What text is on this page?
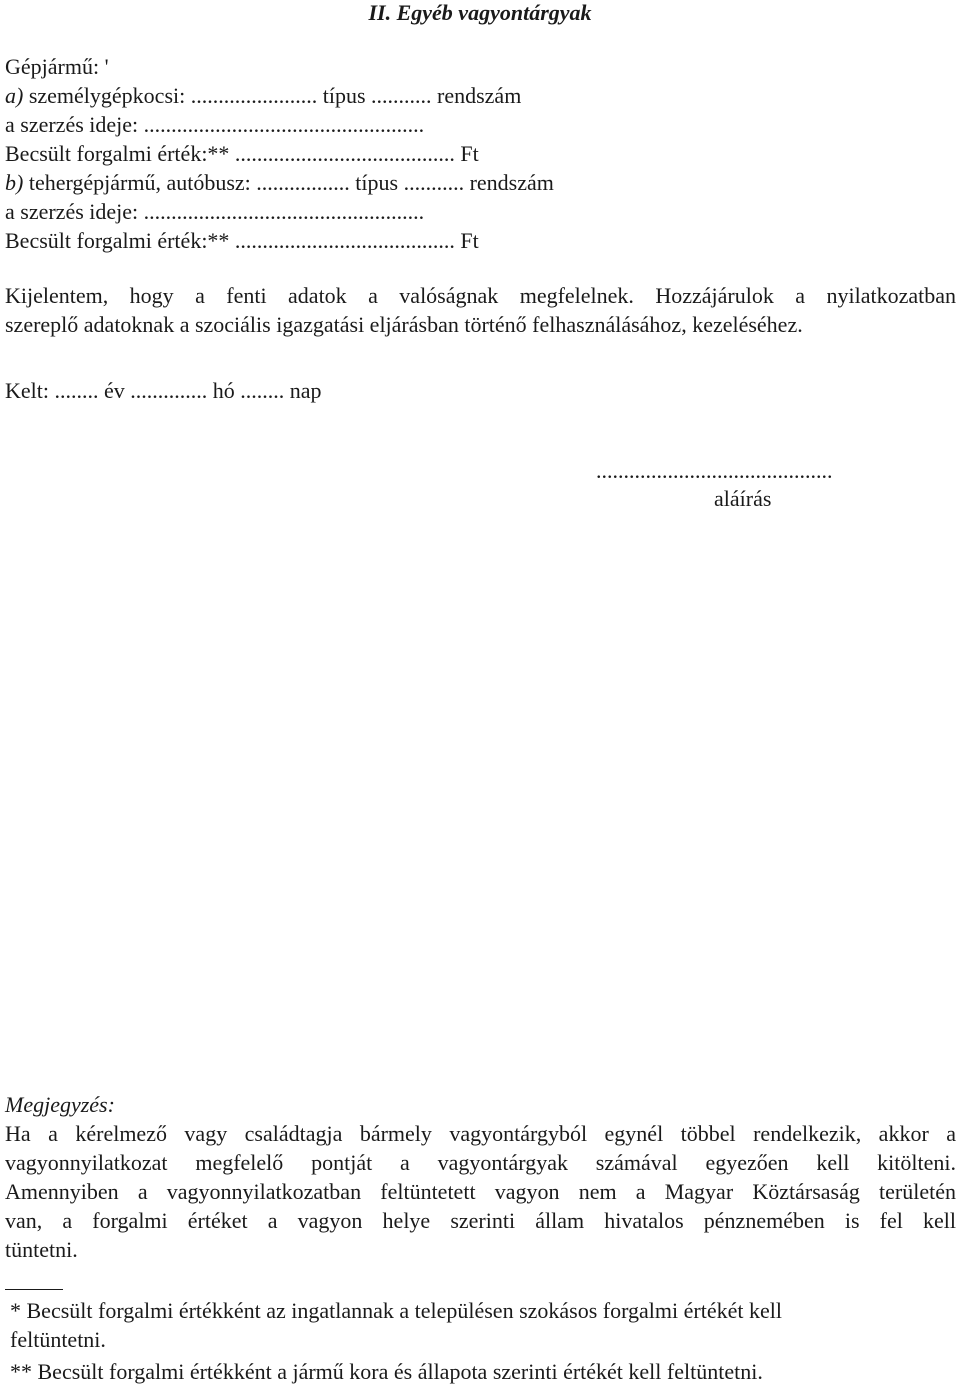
II. Egyéb vagyontárgyak
Gépjármű: '
a) személygépkocsi: ....................... típus ........... rendszám
a szerzés ideje: ...................................................
Becsült forgalmi érték:** ........................................ Ft
b) tehergépjármű, autóbusz: ................. típus ........... rendszám
a szerzés ideje: ...................................................
Becsült forgalmi érték:** ........................................ Ft
Kijelentem, hogy a fenti adatok a valóságnak megfelelnek. Hozzájárulok a nyilatkozatban
szereplő adatoknak a szociális igazgatási eljárásban történő felhasználásához, kezeléséhez.
Kelt: ........ év .............. hó ........ nap
...........................................
aláírás
Megjegyzés:
Ha a kérelmező vagy családtagja bármely vagyontárgyból egynél többel rendelkezik, akkor a
vagyonnyilatkozat megfelelő pontját a vagyontárgyak számával egyezően kell kitölteni.
Amennyiben a vagyonnyilatkozatban feltüntetett vagyon nem a Magyar Köztársaság területén
van, a forgalmi értéket a vagyon helye szerinti állam hivatalos pénznemében is fel kell
tüntetni.
* Becsült forgalmi értékként az ingatlannak a településen szokásos forgalmi értékét kell
feltüntetni.
** Becsült forgalmi értékként a jármű kora és állapota szerinti értékét kell feltüntetni.
